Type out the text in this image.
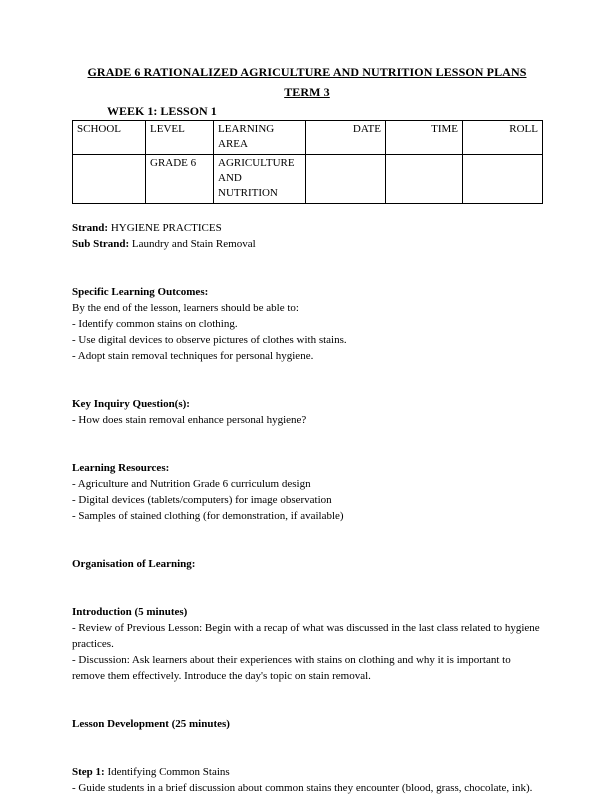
GRADE 6 RATIONALIZED AGRICULTURE AND NUTRITION LESSON PLANS
TERM 3
WEEK 1: LESSON 1
SCHOOL	LEVEL	LEARNING AREA	DATE	TIME	ROLL
	GRADE 6	AGRICULTURE AND NUTRITION			

Strand: HYGIENE PRACTICES

Sub Strand: Laundry and Stain Removal

Specific Learning Outcomes:

By the end of the lesson, learners should be able to:

- Identify common stains on clothing.

- Use digital devices to observe pictures of clothes with stains.

- Adopt stain removal techniques for personal hygiene.

Key Inquiry Question(s):

- How does stain removal enhance personal hygiene?

Learning Resources:

- Agriculture and Nutrition Grade 6 curriculum design

- Digital devices (tablets/computers) for image observation

- Samples of stained clothing (for demonstration, if available)

Organisation of Learning:

Introduction (5 minutes)

- Review of Previous Lesson: Begin with a recap of what was discussed in the last class related to hygiene practices.

- Discussion: Ask learners about their experiences with stains on clothing and why it is important to remove them effectively. Introduce the day's topic on stain removal.

Lesson Development (25 minutes)

Step 1: Identifying Common Stains

- Guide students in a brief discussion about common stains they encounter (blood, grass, chocolate, ink).
